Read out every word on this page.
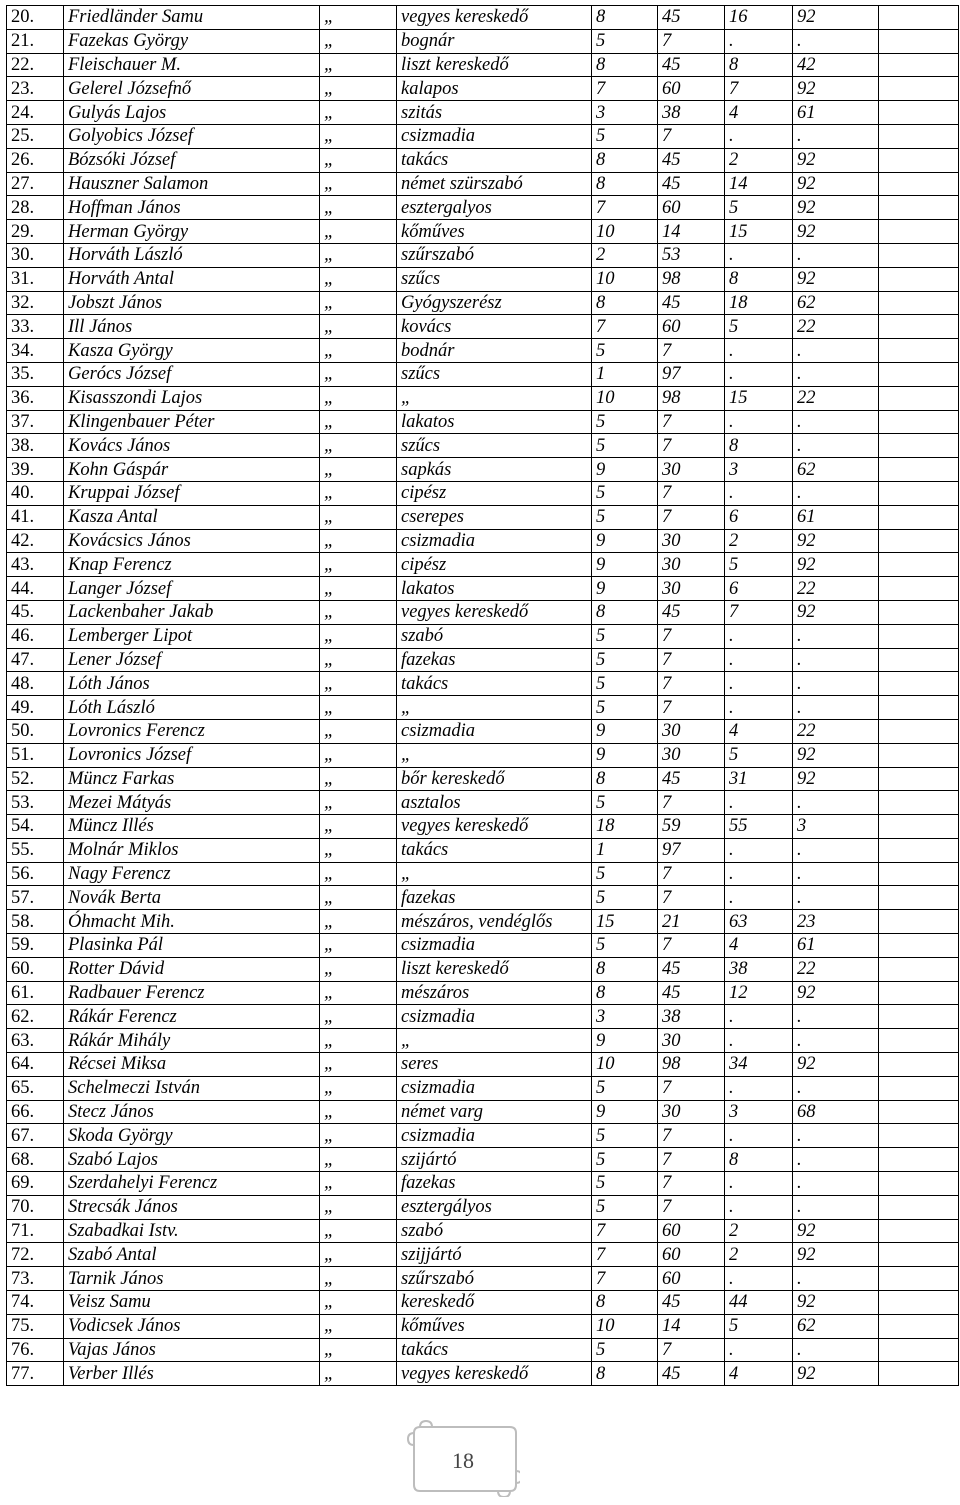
20.	Friedländer Samu	„	vegyes kereskedő	8	45	16	92	
21.	Fazekas György	„	bognár	5	7	.	.	
22.	Fleischauer M.	„	liszt kereskedő	8	45	8	42	
23.	Gelerel Józsefnő	„	kalapos	7	60	7	92	
24.	Gulyás Lajos	„	szitás	3	38	4	61	
25.	Golyobics József	„	csizmadia	5	7	.	.	
26.	Bózsóki József	„	takács	8	45	2	92	
27.	Hauszner Salamon	„	német szürszabó	8	45	14	92	
28.	Hoffman János	„	esztergalyos	7	60	5	92	
29.	Herman György	„	kőműves	10	14	15	92	
30.	Horváth László	„	szűrszabó	2	53	.	.	
31.	Horváth Antal	„	szűcs	10	98	8	92	
32.	Jobszt János	„	Gyógyszerész	8	45	18	62	
33.	Ill János	„	kovács	7	60	5	22	
34.	Kasza György	„	bodnár	5	7	.	.	
35.	Gerócs József	„	szűcs	1	97	.	.	
36.	Kisasszondi Lajos	„	„	10	98	15	22	
37.	Klingenbauer Péter	„	lakatos	5	7	.	.	
38.	Kovács János	„	szűcs	5	7	8	.	
39.	Kohn Gáspár	„	sapkás	9	30	3	62	
40.	Kruppai József	„	cipész	5	7	.	.	
41.	Kasza Antal	„	cserepes	5	7	6	61	
42.	Kovácsics János	„	csizmadia	9	30	2	92	
43.	Knap Ferencz	„	cipész	9	30	5	92	
44.	Langer József	„	lakatos	9	30	6	22	
45.	Lackenbaher Jakab	„	vegyes kereskedő	8	45	7	92	
46.	Lemberger Lipot	„	szabó	5	7	.	.	
47.	Lener József	„	fazekas	5	7	.	.	
48.	Lóth János	„	takács	5	7	.	.	
49.	Lóth László	„	„	5	7	.	.	
50.	Lovronics Ferencz	„	csizmadia	9	30	4	22	
51.	Lovronics József	„	„	9	30	5	92	
52.	Müncz Farkas	„	bőr kereskedő	8	45	31	92	
53.	Mezei Mátyás	„	asztalos	5	7	.	.	
54.	Müncz Illés	„	vegyes kereskedő	18	59	55	3	
55.	Molnár Miklos	„	takács	1	97	.	.	
56.	Nagy Ferencz	„	„	5	7	.	.	
57.	Novák Berta	„	fazekas	5	7	.	.	
58.	Óhmacht Mih.	„	mészáros, vendéglős	15	21	63	23	
59.	Plasinka Pál	„	csizmadia	5	7	4	61	
60.	Rotter Dávid	„	liszt kereskedő	8	45	38	22	
61.	Radbauer Ferencz	„	mészáros	8	45	12	92	
62.	Rákár Ferencz	„	csizmadia	3	38	.	.	
63.	Rákár Mihály	„	„	9	30	.	.	
64.	Récsei Miksa	„	seres	10	98	34	92	
65.	Schelmeczi István	„	csizmadia	5	7	.	.	
66.	Stecz János	„	német varg	9	30	3	68	
67.	Skoda György	„	csizmadia	5	7	.	.	
68.	Szabó Lajos	„	szijártó	5	7	8	.	
69.	Szerdahelyi Ferencz	„	fazekas	5	7	.	.	
70.	Strecsák János	„	esztergályos	5	7	.	.	
71.	Szabadkai Istv.	„	szabó	7	60	2	92	
72.	Szabó Antal	„	szijjártó	7	60	2	92	
73.	Tarnik János	„	szűrszabó	7	60	.	.	
74.	Veisz Samu	„	kereskedő	8	45	44	92	
75.	Vodicsek János	„	kőműves	10	14	5	62	
76.	Vajas János	„	takács	5	7	.	.	
77.	Verber Illés	„	vegyes kereskedő	8	45	4	92	
18
